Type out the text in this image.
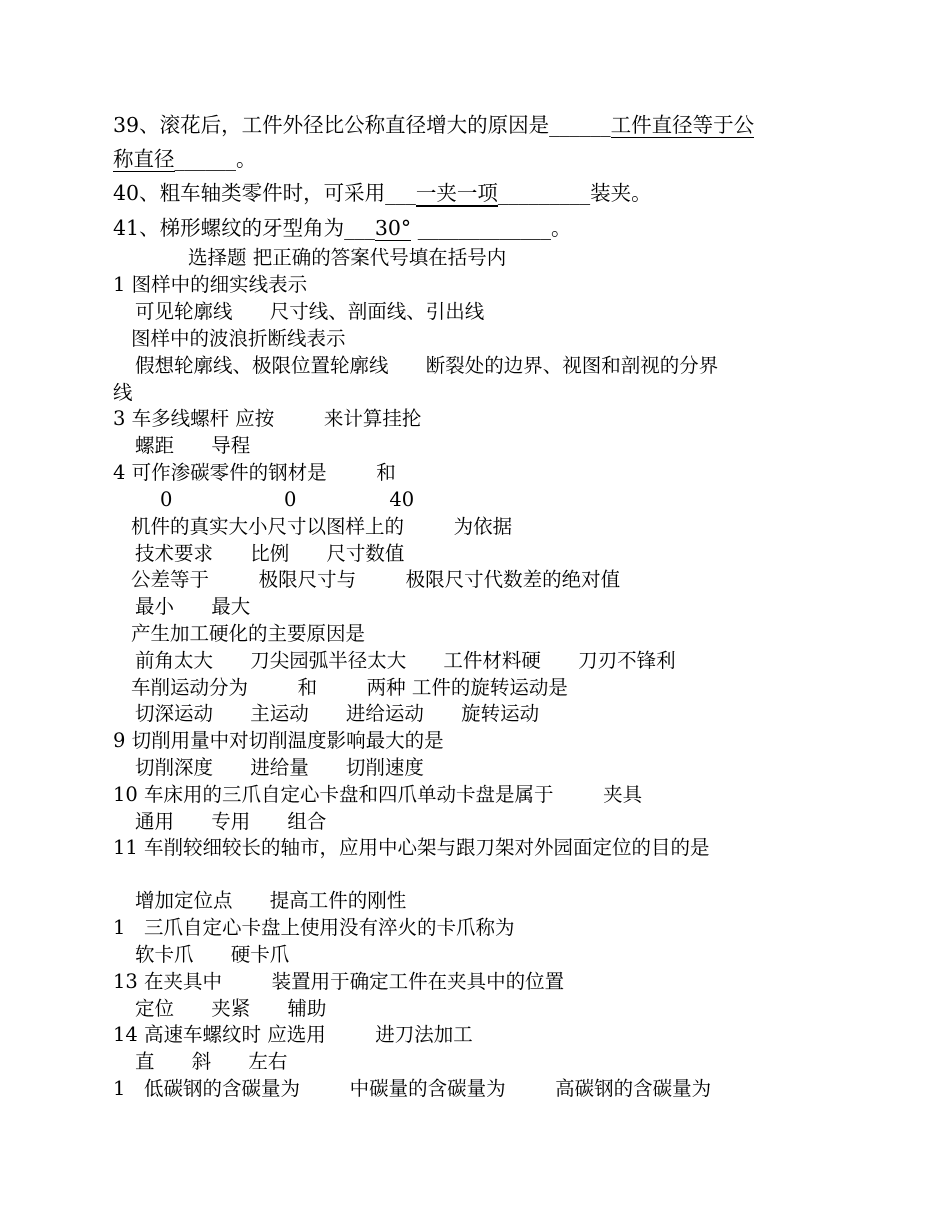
39、滚花后，工件外径比公称直径增大的原因是______工件直径等于公
称直径______。
40、粗车轴类零件时，可采用___一夹一项_________装夹。
41、梯形螺纹的牙型角为___30° _____________。
选择题 把正确的答案代号填在括号内
1 图样中的细实线表示
可见轮廓线      尺寸线、剖面线、引出线
图样中的波浪折断线表示
假想轮廓线、极限位置轮廓线      断裂处的边界、视图和剖视的分界
线
3 车多线螺杆 应按        来计算挂抡
螺距      导程
4 可作渗碳零件的钢材是        和
0                  0               40
机件的真实大小尺寸以图样上的        为依据
技术要求      比例      尺寸数值
公差等于        极限尺寸与        极限尺寸代数差的绝对值
最小      最大
产生加工硬化的主要原因是
前角太大      刀尖园弧半径太大      工件材料硬      刀刃不锋利
车削运动分为        和        两种 工件的旋转运动是
切深运动      主运动      进给运动      旋转运动
9 切削用量中对切削温度影响最大的是
切削深度      进给量      切削速度
10 车床用的三爪自定心卡盘和四爪单动卡盘是属于        夹具
通用      专用      组合
11 车削较细较长的轴市，应用中心架与跟刀架对外园面定位的目的是
增加定位点      提高工件的刚性
1   三爪自定心卡盘上使用没有淬火的卡爪称为
软卡爪      硬卡爪
13 在夹具中        装置用于确定工件在夹具中的位置
定位      夹紧      辅助
14 高速车螺纹时 应选用        进刀法加工
直      斜      左右
1   低碳钢的含碳量为        中碳量的含碳量为        高碳钢的含碳量为
